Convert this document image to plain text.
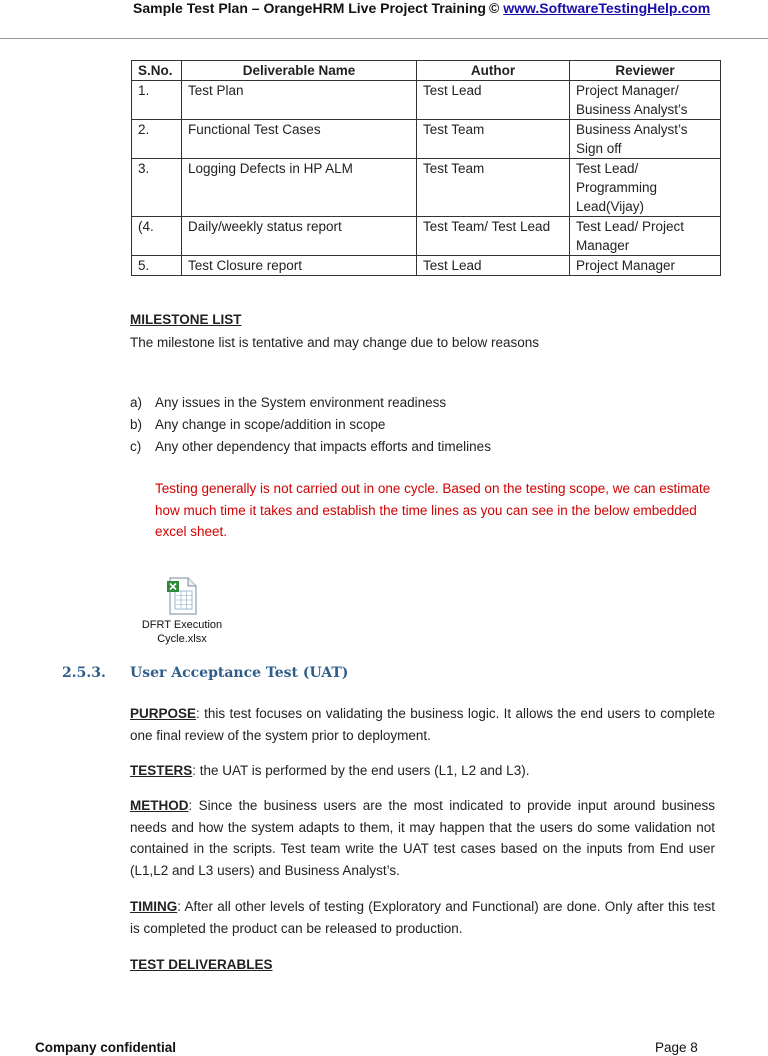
Sample Test Plan – OrangeHRM Live Project Training © www.SoftwareTestingHelp.com
S.No.	Deliverable Name	Author	Reviewer
1.	Test Plan	Test Lead	Project Manager/ Business Analyst’s
2.	Functional Test Cases	Test Team	Business Analyst’s Sign off
3.	Logging Defects in HP ALM	Test Team	Test Lead/ Programming Lead(Vijay)
(4.	Daily/weekly status report	Test Team/ Test Lead	Test Lead/ Project Manager
5.	Test Closure report	Test Lead	Project Manager
MILESTONE LIST
The milestone list is tentative and may change due to below reasons
a) Any issues in the System environment readiness
b) Any change in scope/addition in scope
c) Any other dependency that impacts efforts and timelines
Testing generally is not carried out in one cycle. Based on the testing scope, we can estimate how much time it takes and establish the time lines as you can see in the below embedded excel sheet.
DFRT Execution
Cycle.xlsx
2.5.3. User Acceptance Test (UAT)
PURPOSE: this test focuses on validating the business logic. It allows the end users to complete one final review of the system prior to deployment.
TESTERS: the UAT is performed by the end users (L1, L2 and L3).
METHOD: Since the business users are the most indicated to provide input around business needs and how the system adapts to them, it may happen that the users do some validation not contained in the scripts. Test team write the UAT test cases based on the inputs from End user (L1,L2 and L3 users) and Business Analyst’s.
TIMING: After all other levels of testing (Exploratory and Functional) are done. Only after this test is completed the product can be released to production.
TEST DELIVERABLES
Company confidential	Page 8
